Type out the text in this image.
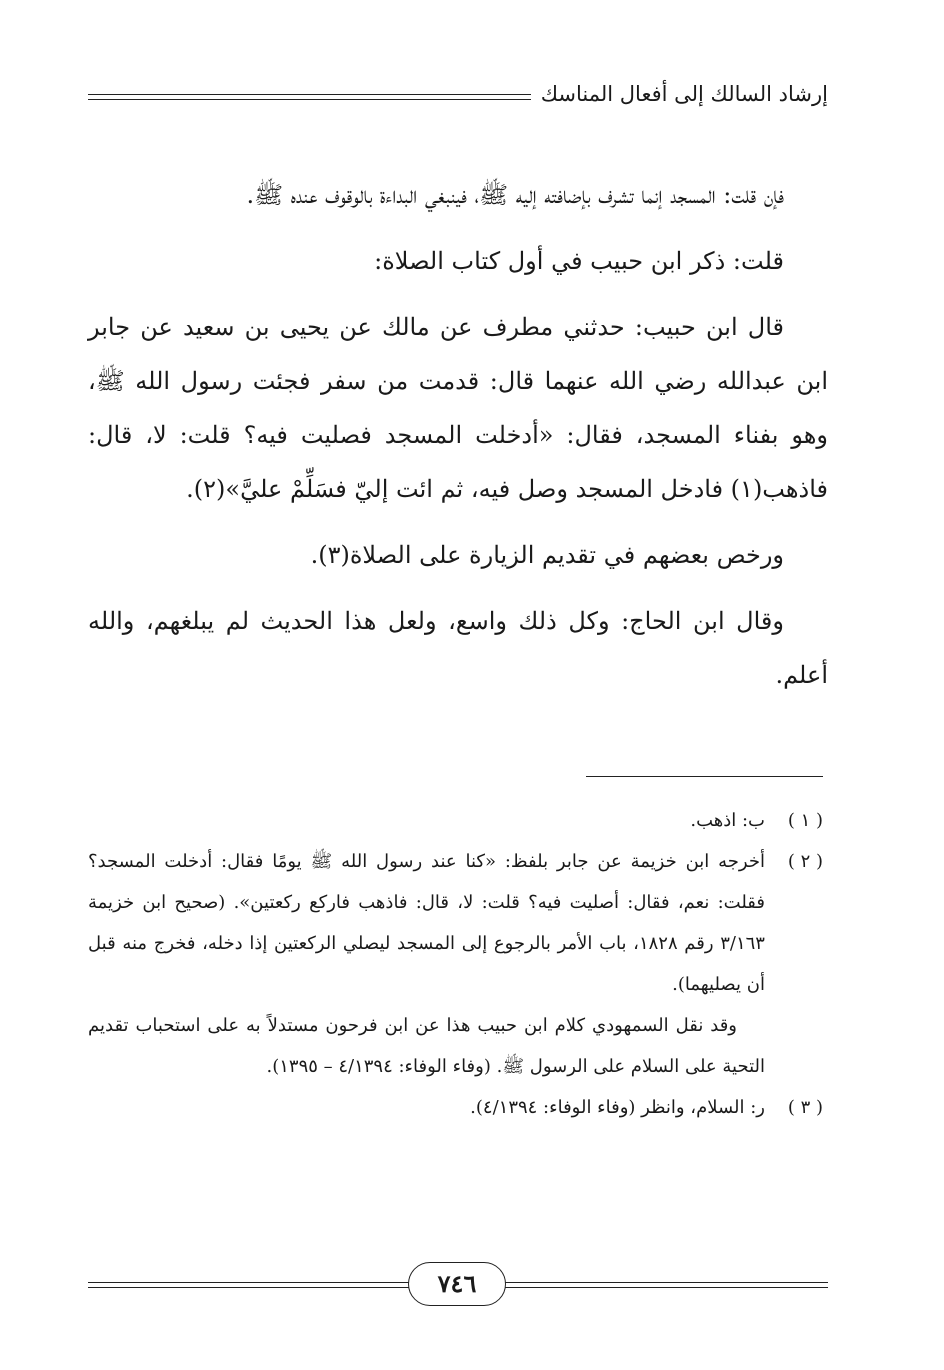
إرشاد السالك إلى أفعال المناسك

فإن قلت: المسجد إنما تشرف بإضافته إليه ﷺ، فينبغي البداءة بالوقوف عنده ﷺ.

قلت: ذكر ابن حبيب في أول كتاب الصلاة:

قال ابن حبيب: حدثني مطرف عن مالك عن يحيى بن سعيد عن جابر ابن عبدالله رضي الله عنهما قال: قدمت من سفر فجئت رسول الله ﷺ، وهو بفناء المسجد، فقال: «أدخلت المسجد فصليت فيه؟ قلت: لا، قال: فاذهب(١) فادخل المسجد وصل فيه، ثم ائت إليّ فسَلِّمْ عليَّ»(٢).

ورخص بعضهم في تقديم الزيارة على الصلاة(٣).

وقال ابن الحاج: وكل ذلك واسع، ولعل هذا الحديث لم يبلغهم، والله أعلم.

( ١ )
ب: اذهب.
( ٢ )
أخرجه ابن خزيمة عن جابر بلفظ: «كنا عند رسول الله ﷺ يومًا فقال: أدخلت المسجد؟ فقلت: نعم، فقال: أصليت فيه؟ قلت: لا، قال: فاذهب فاركع ركعتين». (صحيح ابن خزيمة ٣/١٦٣ رقم ١٨٢٨، باب الأمر بالرجوع إلى المسجد ليصلي الركعتين إذا دخله، فخرج منه قبل أن يصليهما).
وقد نقل السمهودي كلام ابن حبيب هذا عن ابن فرحون مستدلاً به على استحباب تقديم التحية على السلام على الرسول ﷺ. (وفاء الوفاء: ٤/١٣٩٤ – ١٣٩٥).
( ٣ )
ر: السلام، وانظر (وفاء الوفاء: ٤/١٣٩٤).
٧٤٦
